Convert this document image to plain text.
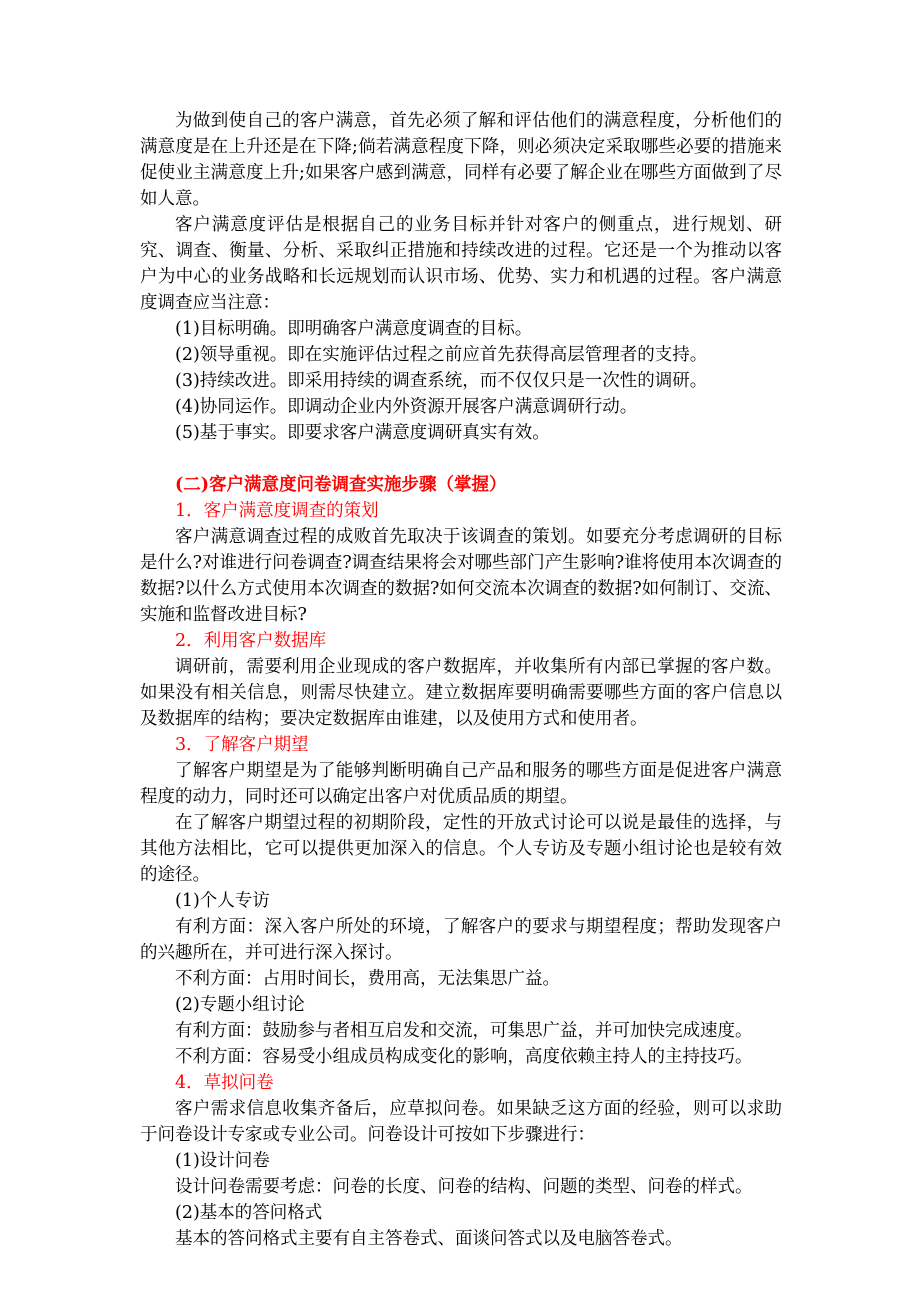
为做到使自己的客户满意，首先必须了解和评估他们的满意程度，分析他们的满意度是在上升还是在下降;倘若满意程度下降，则必须决定采取哪些必要的措施来促使业主满意度上升;如果客户感到满意，同样有必要了解企业在哪些方面做到了尽如人意。

客户满意度评估是根据自己的业务目标并针对客户的侧重点，进行规划、研究、调查、衡量、分析、采取纠正措施和持续改进的过程。它还是一个为推动以客户为中心的业务战略和长远规划而认识市场、优势、实力和机遇的过程。客户满意度调查应当注意：

(1)目标明确。即明确客户满意度调查的目标。

(2)领导重视。即在实施评估过程之前应首先获得高层管理者的支持。

(3)持续改进。即采用持续的调查系统，而不仅仅只是一次性的调研。

(4)协同运作。即调动企业内外资源开展客户满意调研行动。

(5)基于事实。即要求客户满意度调研真实有效。

(二)客户满意度问卷调查实施步骤（掌握）

1．客户满意度调查的策划

客户满意调查过程的成败首先取决于该调查的策划。如要充分考虑调研的目标是什么?对谁进行问卷调查?调查结果将会对哪些部门产生影响?谁将使用本次调查的数据?以什么方式使用本次调查的数据?如何交流本次调查的数据?如何制订、交流、实施和监督改进目标?

2．利用客户数据库

调研前，需要利用企业现成的客户数据库，并收集所有内部已掌握的客户数。如果没有相关信息，则需尽快建立。建立数据库要明确需要哪些方面的客户信息以及数据库的结构；要决定数据库由谁建，以及使用方式和使用者。

3．了解客户期望

了解客户期望是为了能够判断明确自己产品和服务的哪些方面是促进客户满意程度的动力，同时还可以确定出客户对优质品质的期望。

在了解客户期望过程的初期阶段，定性的开放式讨论可以说是最佳的选择，与其他方法相比，它可以提供更加深入的信息。个人专访及专题小组讨论也是较有效的途径。

(1)个人专访

有利方面：深入客户所处的环境，了解客户的要求与期望程度；帮助发现客户的兴趣所在，并可进行深入探讨。

不利方面：占用时间长，费用高，无法集思广益。

(2)专题小组讨论

有利方面：鼓励参与者相互启发和交流，可集思广益，并可加快完成速度。

不利方面：容易受小组成员构成变化的影响，高度依赖主持人的主持技巧。

4．草拟问卷

客户需求信息收集齐备后，应草拟问卷。如果缺乏这方面的经验，则可以求助于问卷设计专家或专业公司。问卷设计可按如下步骤进行：

(1)设计问卷

设计问卷需要考虑：问卷的长度、问卷的结构、问题的类型、问卷的样式。

(2)基本的答问格式

基本的答问格式主要有自主答卷式、面谈问答式以及电脑答卷式。
